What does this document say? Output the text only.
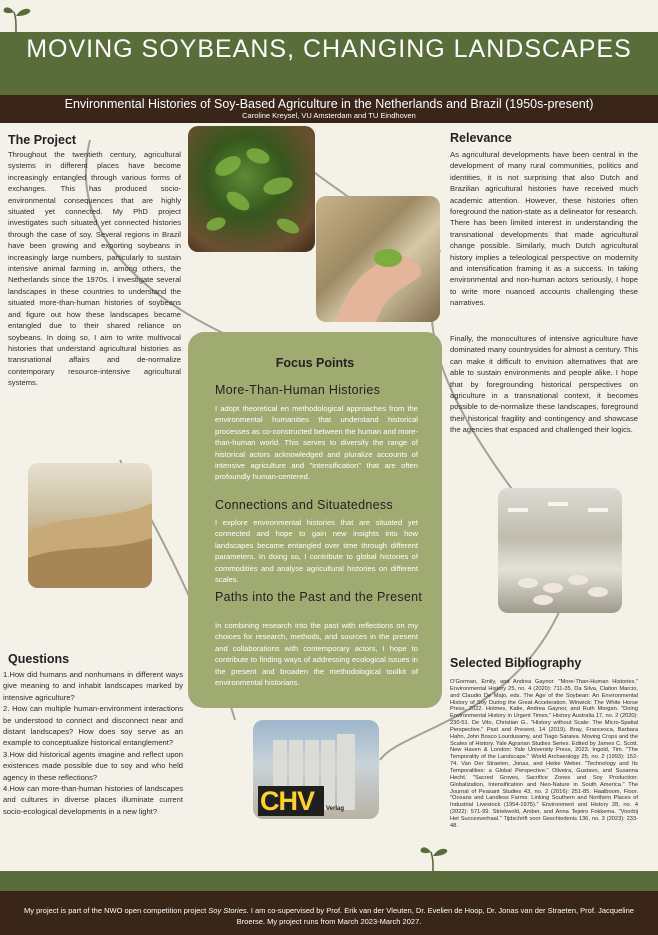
MOVING SOYBEANS, CHANGING LANDSCAPES
Environmental Histories of Soy-Based Agriculture in the Netherlands and Brazil (1950s-present)
Caroline Kreysel, VU Amsterdam and TU Eindhoven
The Project
Throughout the twentieth century, agricultural systems in different places have become increasingly entangled through various forms of exchanges. This has produced socio-environmental consequences that are highly situated yet connected. My PhD project investigates such situated yet connected histories through the case of soy. Several regions in Brazil have been growing and exporting soybeans in increasingly large numbers, particularly to sustain intensive animal farming in, among others, the Netherlands since the 1970s. I investigate several landscapes in these countries to understand the situated more-than-human histories of soybeans and figure out how these landscapes became entangled due to their shared reliance on soybeans. In doing so, I aim to write multivocal histories that understand agricultural histories as transnational affairs and de-normalize contemporary resource-intensive agricultural systems.
Relevance
As agricultural developments have been central in the development of many rural communities, politics and identities, it is not surprising that also Dutch and Brazilian agricultural histories have received much academic attention. However, these histories often foreground the nation-state as a delineator for research. There has been limited interest in understanding the transnational developments that made agricultural change possible. Similarly, much Dutch agricultural history implies a teleological perspective on modernity and intensification framing it as a success. In taking environmental and non-human actors seriously, I hope to write more nuanced accounts challenging these narratives.
Finally, the monocultures of intensive agriculture have dominated many countrysides for almost a century. This can make it difficult to envision alternatives that are able to sustain environments and people alike. I hope that by foregrounding historical perspectives on agriculture in a transnational context, it becomes possible to de-normalize these landscapes, foreground their historical fragility and contingency and showcase the agencies that espaced and challenged their logics.
CHV Verlag
Focus Points
More-Than-Human Histories
I adopt theoretical en methodological approaches from the environmental humanities that understand historical processes as co-constructed between the human and more-than-human world. This serves to diversify the range of historical actors acknowledged and pluralize accounts of intensive agriculture and "intensification" that are often profoundly human-centered.
Connections and Situatedness
I explore environmental histories that are situated yet connected and hope to gain new insights into how landscapes became entangled over time through different parameters. In doing so, I contribute to global histories of commodities and analyse agricultural histories on different scales.
Paths into the Past and the Present
In combining research into the past with reflections on my choices for research, methods, and sources in the present and collaborations with contemporary actors, I hope to contribute to finding ways of addressing ecological issues in the present and broaden the methodological toolkit of environmental historians.
Questions
1.How did humans and nonhumans in different ways give meaning to and inhabit landscapes marked by intensive agriculture?
2. How can multiple human-environment interactions be understood to connect and disconnect near and distant landscapes? How does soy serve as an example to conceptualize historical entanglement?
3.How did historical agents imagine and reflect upon existences made possible due to soy and who held agency in these reflections?
4.How can more-than-human histories of landscapes and cultures in diverse places illuminate current socio-ecological developments in a new light?
Selected Bibliography
O'Gorman, Emily, and Andrea Gaynor. "More-Than-Human Histories." Environmental History 25, no. 4 (2020): 711-35. Da Silva, Claiton Marcio, and Claudio De Majo, eds. The Age of the Soybean: An Environmental History of Soy During the Great Acceleration. Winwick: The White Horse Press, 2022. Holmes, Katie, Andrea Gaynor, and Ruth Morgan. "Doing Environmental History in Urgent Times." History Australia 17, no. 2 (2020): 230-51. De Vito, Christian G.. "History without Scale: The Micro-Spatial Perspective." Past and Present, 14 (2019). Bray, Francesca, Barbara Hahn, John Bosco Lourdusamy, and Tiago Saraiva. Moving Crops and the Scales of History. Yale Agrarian Studies Series. Edited by James C. Scott. New Haven & London: Yale University Press, 2023. Ingold, Tim. "The Temporality of the Landscape." World Archaeology 25, no. 2 (1993): 152-74. Van Der Straeten, Jonas, and Heike Weber. "Technology and Its Temporalities: a Global Perspective." Oliveira, Gustavo, and Susanna Hecht. "Sacred Groves, Sacrifice Zones and Soy Production: Globalization, Intensification and Neo-Nature in South America." The Journal of Peasant Studies 43, no. 2 (2016): 251-85. Haalboom, Floor. "Oceans and Landless Farms: Linking Southern and Northern Places of Industrial Livestock (1954-1975)." Environment and History 28, no. 4 (2022): 571-99. Striekwold, Amber, and Anna Tejeiro Fokkema. "Voorbij Het Succesverhaal." Tijdschrift voor Geschiedenis 136, no. 3 (2023): 233-48.
My project is part of the NWO open competition project Soy Stories. I am co-supervised by Prof. Erik van der Vleuten, Dr. Evelien de Hoop, Dr. Jonas van der Straeten, Prof. Jacqueline Broerse. My project runs from March 2023-March 2027.
